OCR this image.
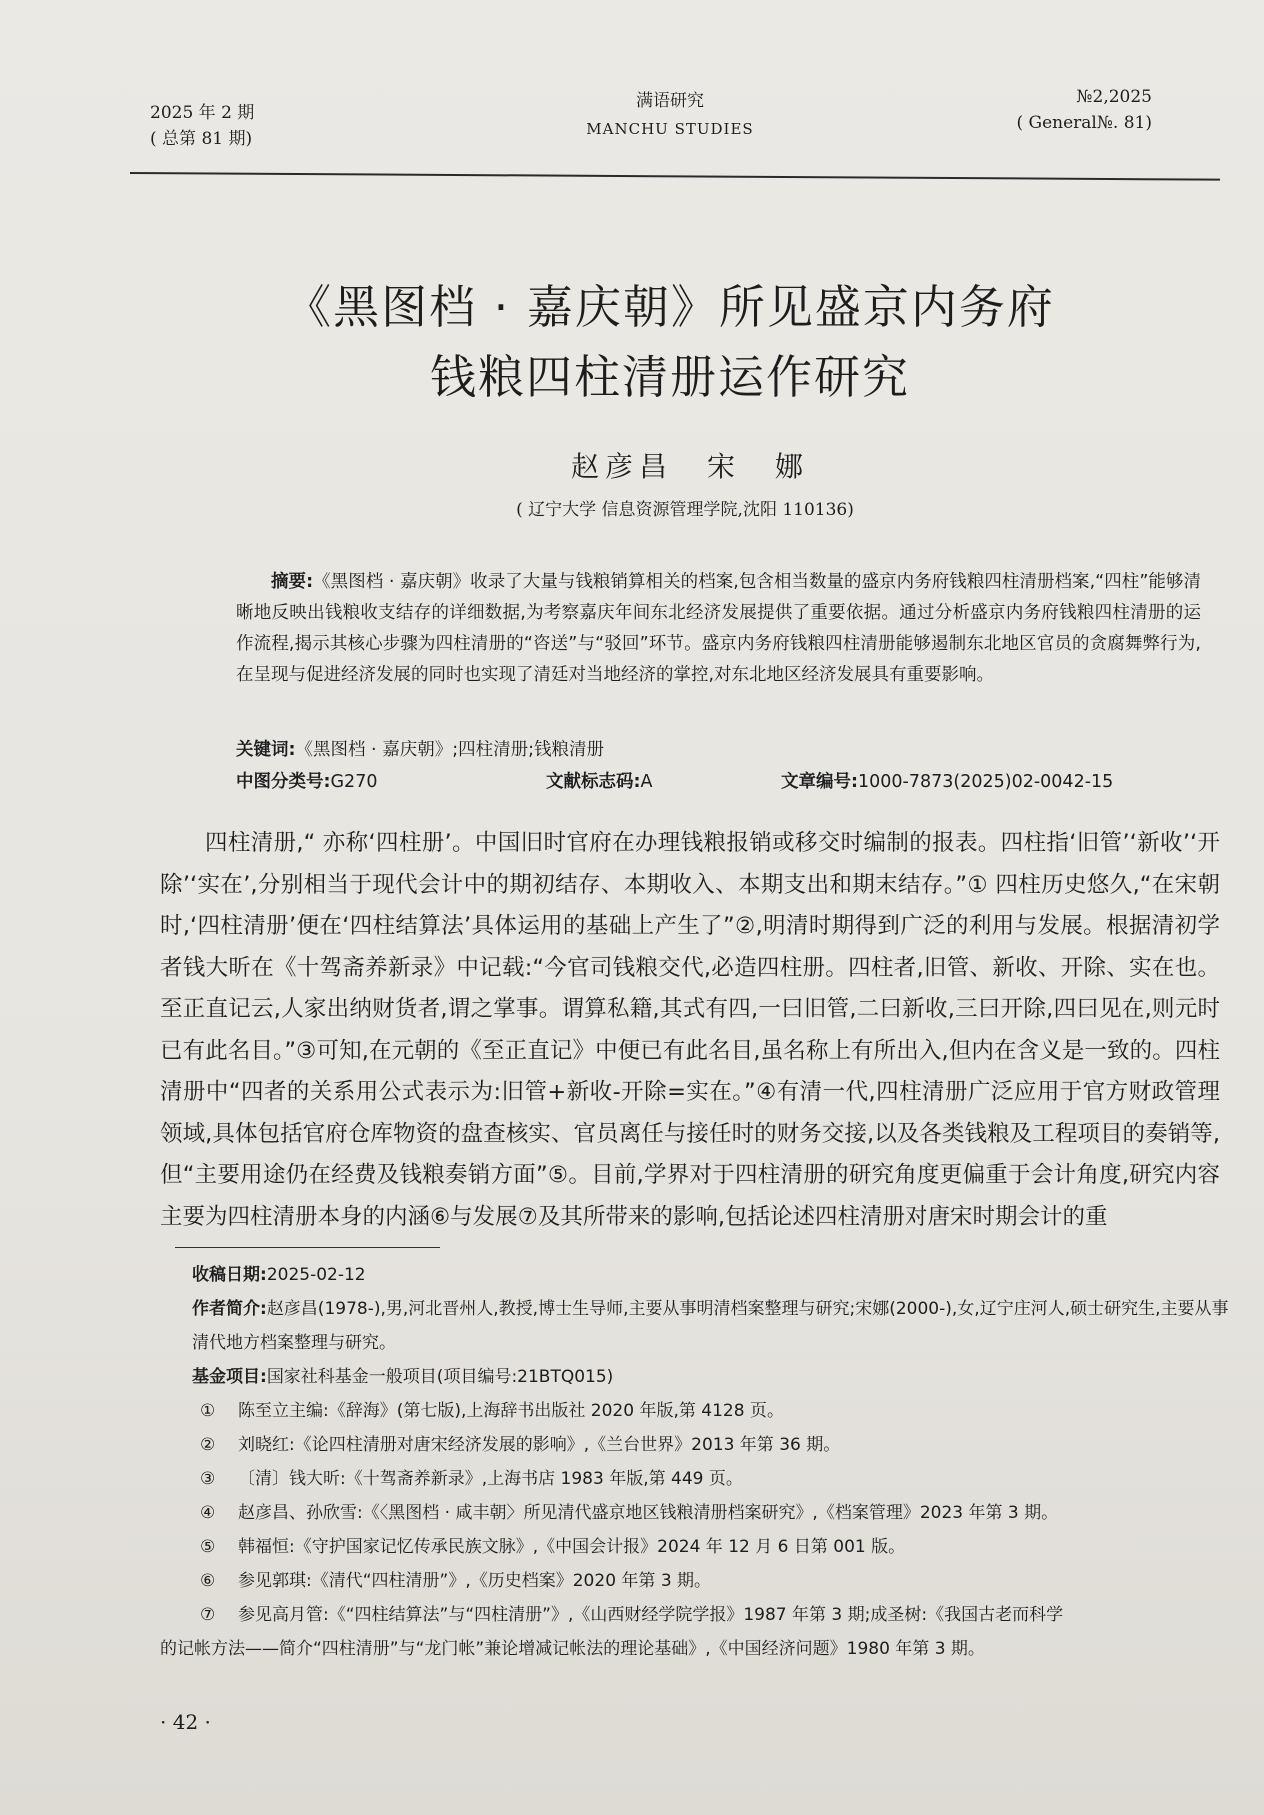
2025 年 2 期
( 总第 81 期)
满语研究
MANCHU STUDIES
№2,2025
( General№. 81)
《黑图档 · 嘉庆朝》所见盛京内务府
钱粮四柱清册运作研究
赵彦昌　宋　娜
( 辽宁大学 信息资源管理学院,沈阳 110136)
摘要:《黑图档 · 嘉庆朝》收录了大量与钱粮销算相关的档案,包含相当数量的盛京内务府钱粮四柱清册档案,“四柱”能够清晰地反映出钱粮收支结存的详细数据,为考察嘉庆年间东北经济发展提供了重要依据。通过分析盛京内务府钱粮四柱清册的运作流程,揭示其核心步骤为四柱清册的“咨送”与“驳回”环节。盛京内务府钱粮四柱清册能够遏制东北地区官员的贪腐舞弊行为,在呈现与促进经济发展的同时也实现了清廷对当地经济的掌控,对东北地区经济发展具有重要影响。
关键词:《黑图档 · 嘉庆朝》;四柱清册;钱粮清册
中图分类号:G270	文献标志码:A	文章编号:1000-7873(2025)02-0042-15

四柱清册,“ 亦称‘四柱册’。中国旧时官府在办理钱粮报销或移交时编制的报表。四柱指‘旧管’‘新收’‘开除’‘实在’,分别相当于现代会计中的期初结存、本期收入、本期支出和期末结存。”① 四柱历史悠久,“在宋朝时,‘四柱清册’便在‘四柱结算法’具体运用的基础上产生了”②,明清时期得到广泛的利用与发展。根据清初学者钱大昕在《十驾斋养新录》中记载:“今官司钱粮交代,必造四柱册。四柱者,旧管、新收、开除、实在也。至正直记云,人家出纳财货者,谓之掌事。谓算私籍,其式有四,一曰旧管,二曰新收,三曰开除,四曰见在,则元时已有此名目。”③可知,在元朝的《至正直记》中便已有此名目,虽名称上有所出入,但内在含义是一致的。四柱清册中“四者的关系用公式表示为:旧管+新收-开除=实在。”④有清一代,四柱清册广泛应用于官方财政管理领域,具体包括官府仓库物资的盘查核实、官员离任与接任时的财务交接,以及各类钱粮及工程项目的奏销等,但“主要用途仍在经费及钱粮奏销方面”⑤。目前,学界对于四柱清册的研究角度更偏重于会计角度,研究内容主要为四柱清册本身的内涵⑥与发展⑦及其所带来的影响,包括论述四柱清册对唐宋时期会计的重

收稿日期:2025-02-12
作者简介:赵彦昌(1978-),男,河北晋州人,教授,博士生导师,主要从事明清档案整理与研究;宋娜(2000-),女,辽宁庄河人,硕士研究生,主要从事清代地方档案整理与研究。
基金项目:国家社科基金一般项目(项目编号:21BTQ015)
①	陈至立主编:《辞海》(第七版),上海辞书出版社 2020 年版,第 4128 页。
②	刘晓红:《论四柱清册对唐宋经济发展的影响》,《兰台世界》2013 年第 36 期。
③	〔清〕钱大昕:《十驾斋养新录》,上海书店 1983 年版,第 449 页。
④	赵彦昌、孙欣雪:《〈黑图档 · 咸丰朝〉所见清代盛京地区钱粮清册档案研究》,《档案管理》2023 年第 3 期。
⑤	韩福恒:《守护国家记忆传承民族文脉》,《中国会计报》2024 年 12 月 6 日第 001 版。
⑥	参见郭琪:《清代“四柱清册”》,《历史档案》2020 年第 3 期。
⑦	参见高月管:《“四柱结算法”与“四柱清册”》,《山西财经学院学报》1987 年第 3 期;成圣树:《我国古老而科学
的记帐方法——简介“四柱清册”与“龙门帐”兼论增减记帐法的理论基础》,《中国经济问题》1980 年第 3 期。
· 42 ·
